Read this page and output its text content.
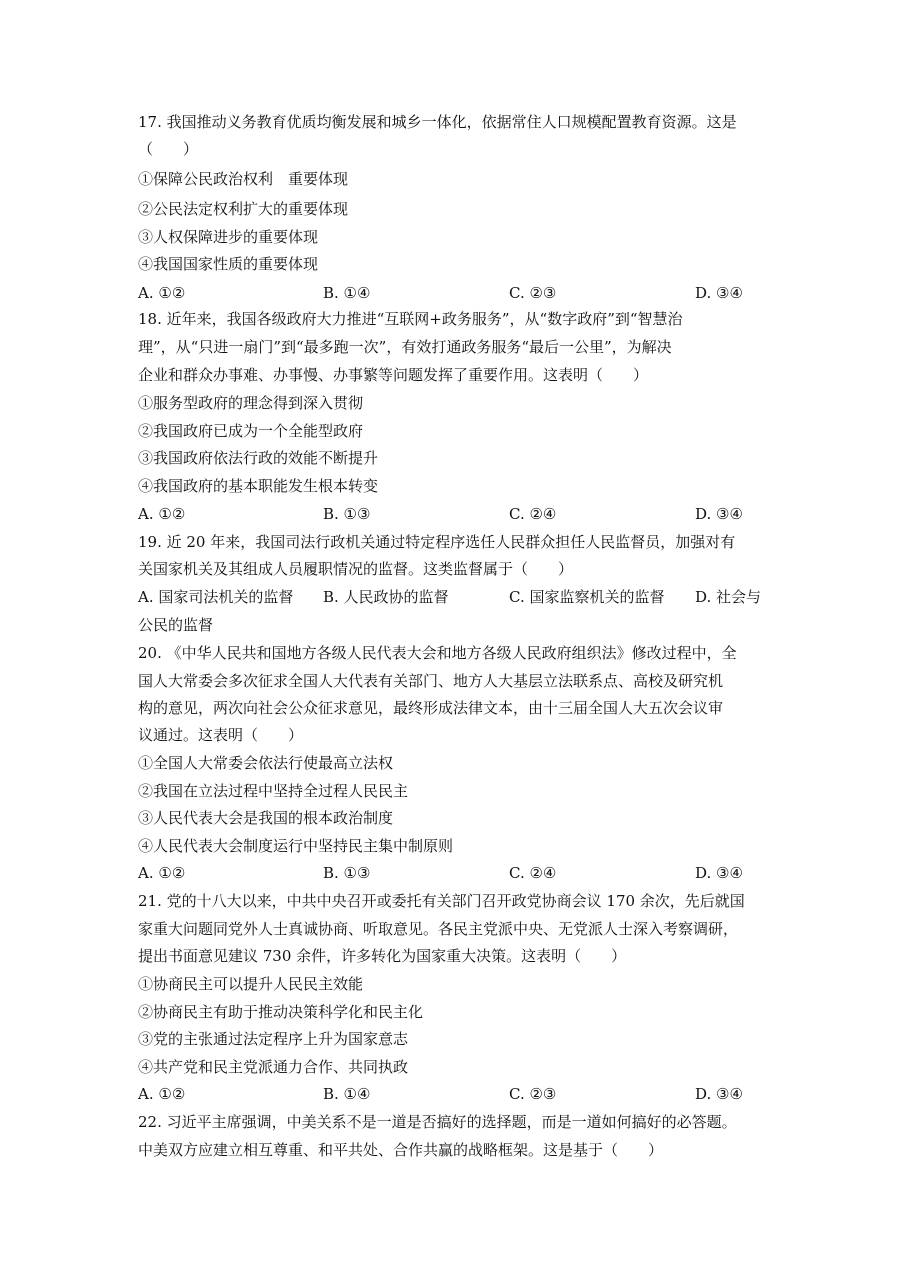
17. 我国推动义务教育优质均衡发展和城乡一体化，依据常住人口规模配置教育资源。这是
（　　）
①保障公民政治权利　重要体现
②公民法定权利扩大的重要体现
③人权保障进步的重要体现
④我国国家性质的重要体现
A. ①②	B. ①④	C. ②③	D. ③④
18. 近年来，我国各级政府大力推进“互联网+政务服务”，从“数字政府”到“智慧治
理”，从“只进一扇门”到“最多跑一次”，有效打通政务服务“最后一公里”，为解决
企业和群众办事难、办事慢、办事繁等问题发挥了重要作用。这表明（　　）
①服务型政府的理念得到深入贯彻
②我国政府已成为一个全能型政府
③我国政府依法行政的效能不断提升
④我国政府的基本职能发生根本转变
A. ①②	B. ①③	C. ②④	D. ③④
19. 近 20 年来，我国司法行政机关通过特定程序选任人民群众担任人民监督员，加强对有
关国家机关及其组成人员履职情况的监督。这类监督属于（　　）
A. 国家司法机关的监督 B. 人民政协的监督	C. 国家监察机关的监督 D. 社会与
公民的监督
20. 《中华人民共和国地方各级人民代表大会和地方各级人民政府组织法》修改过程中，全
国人大常委会多次征求全国人大代表有关部门、地方人大基层立法联系点、高校及研究机
构的意见，两次向社会公众征求意见，最终形成法律文本，由十三届全国人大五次会议审
议通过。这表明（　　）
①全国人大常委会依法行使最高立法权
②我国在立法过程中坚持全过程人民民主
③人民代表大会是我国的根本政治制度
④人民代表大会制度运行中坚持民主集中制原则
A. ①②	B. ①③	C. ②④	D. ③④
21. 党的十八大以来，中共中央召开或委托有关部门召开政党协商会议 170 余次，先后就国
家重大问题同党外人士真诚协商、听取意见。各民主党派中央、无党派人士深入考察调研，
提出书面意见建议 730 余件，许多转化为国家重大决策。这表明（　　）
①协商民主可以提升人民民主效能
②协商民主有助于推动决策科学化和民主化
③党的主张通过法定程序上升为国家意志
④共产党和民主党派通力合作、共同执政
A. ①②	B. ①④	C. ②③	D. ③④
22. 习近平主席强调，中美关系不是一道是否搞好的选择题，而是一道如何搞好的必答题。
中美双方应建立相互尊重、和平共处、合作共赢的战略框架。这是基于（　　）
